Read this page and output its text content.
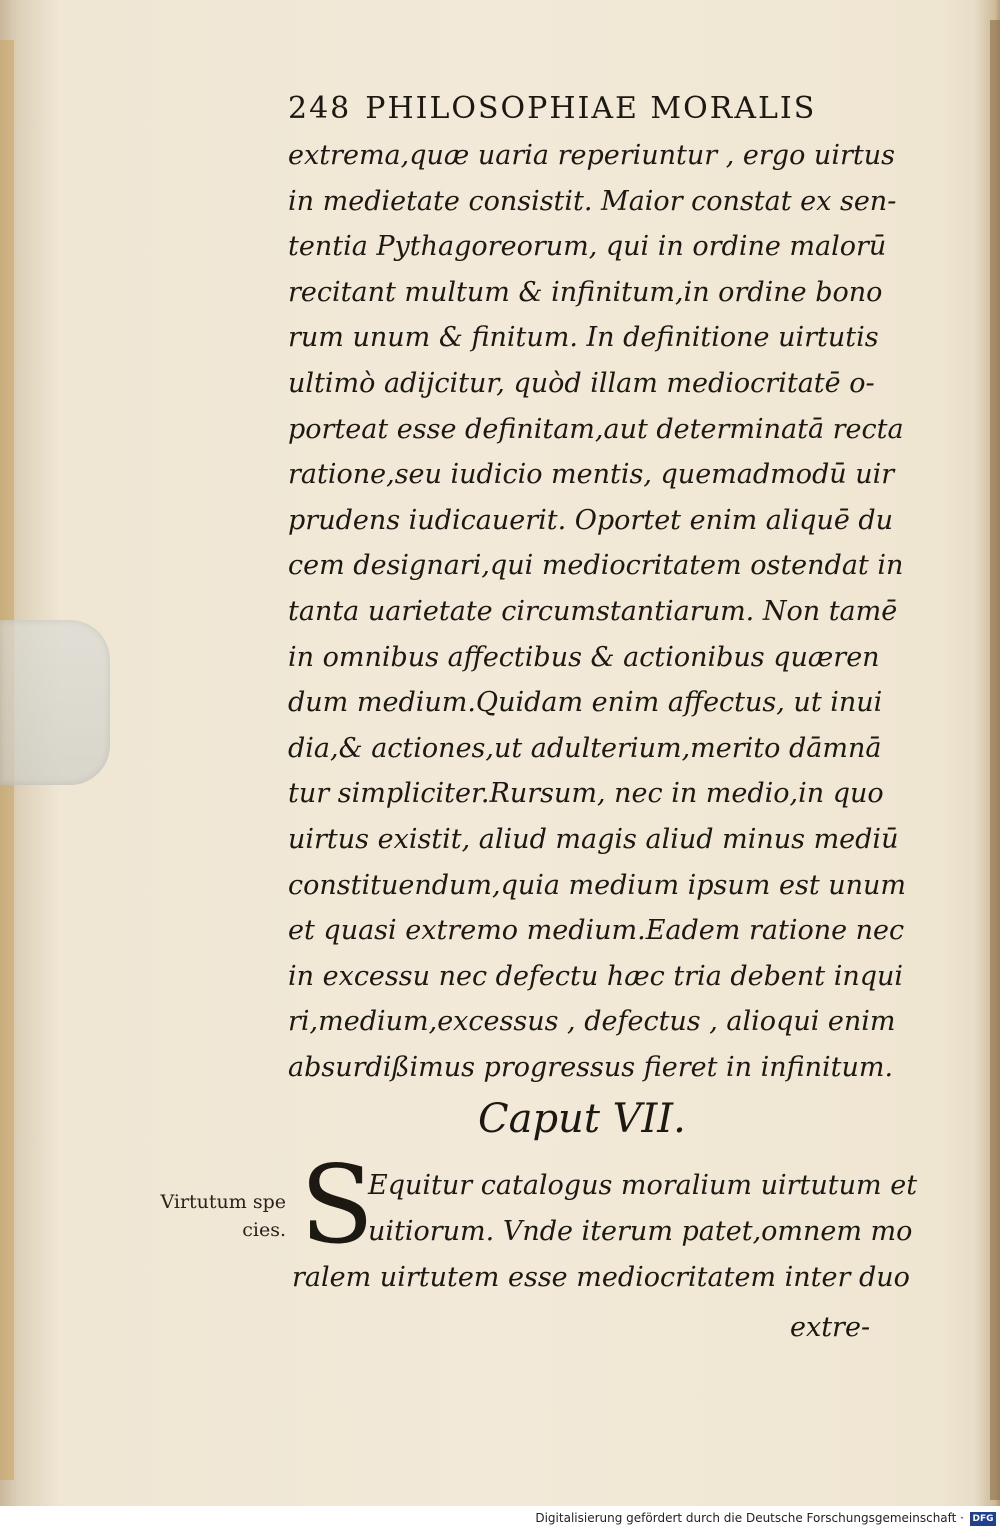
248 PHILOSOPHIAE MORALIS
extrema,quæ uaria reperiuntur , ergo uirtus
in medietate consistit. Maior constat ex sen-
tentia Pythagoreorum, qui in ordine malorū
recitant multum & infinitum,in ordine bono
rum unum & finitum. In definitione uirtutis
ultimò adijcitur, quòd illam mediocritatē o-
porteat esse definitam,aut determinatā recta
ratione,seu iudicio mentis, quemadmodū uir
prudens iudicauerit. Oportet enim aliquē du
cem designari,qui mediocritatem ostendat in
tanta uarietate circumstantiarum. Non tamē
in omnibus affectibus & actionibus quæren
dum medium.Quidam enim affectus, ut inui
dia,& actiones,ut adulterium,merito dāmnā
tur simpliciter.Rursum, nec in medio,in quo
uirtus existit, aliud magis aliud minus mediū
constituendum,quia medium ipsum est unum
et quasi extremo medium.Eadem ratione nec
in excessu nec defectu hæc tria debent inqui
ri,medium,excessus , defectus , alioqui enim
absurdißimus progressus fieret in infinitum.
Caput VII.
Virtutum spe
cies. S
Equitur catalogus moralium uirtutum et
uitiorum. Vnde iterum patet,omnem mo
ralem uirtutem esse mediocritatem inter duo
extre-
Digitalisierung gefördert durch die Deutsche Forschungsgemeinschaft · DFG
